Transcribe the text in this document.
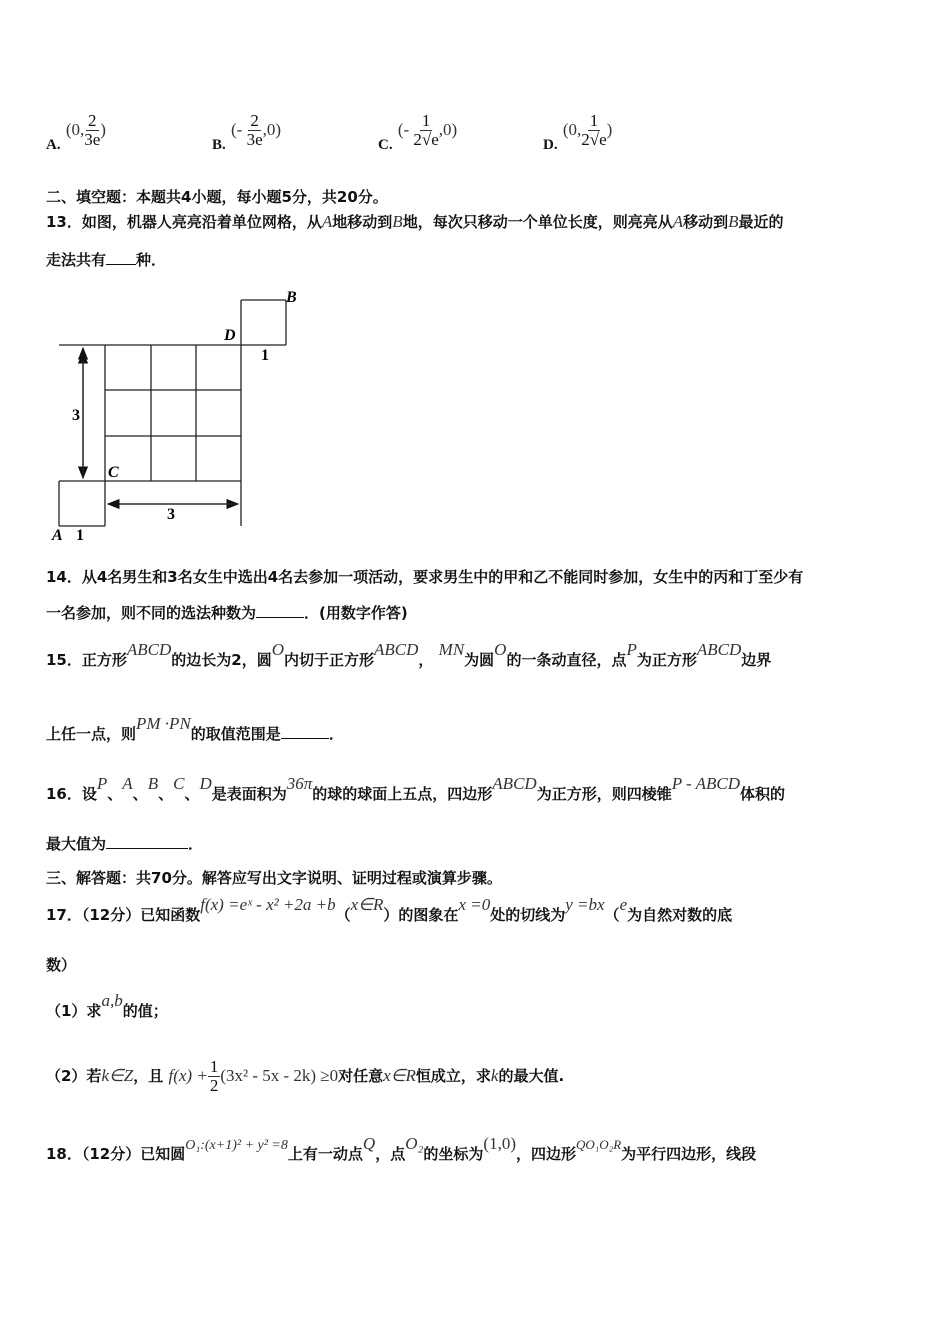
A. (0, $\frac{2}{3e}$ )
B. (- $\frac{2}{3e} ,0$)
C. (- $\frac{1}{2√e} ,0$)
D. (0, $\frac{1}{2√e}$ )
二、填空题：本题共4小题，每小题5分，共20分。
13．如图，机器人亮亮沿着单位网格，从A地移动到B地，每次只移动一个单位长度，则亮亮从A移动到B最近的
走法共有 种．
A 1
C
D
B
1
3
3
14．从4名男生和3名女生中选出4名去参加一项活动，要求男生中的甲和乙不能同时参加，女生中的丙和丁至少有
一名参加，则不同的选法种数为	．(用数字作答)
15．正方形ABCD的边长为2，圆O内切于正方形ABCD， MN为圆O的一条动直径，点P为正方形ABCD边界
上任一点，则PM ·PN的取值范围是	．
16．设P、A、B、C、D是表面积为36π的球的球面上五点，四边形ABCD为正方形，则四棱锥P - ABCD体积的
最大值为	．
三、解答题：共70分。解答应写出文字说明、证明过程或演算步骤。
17．（12分）已知函数f(x) =eˣ - x² +2a +b（x∈R）的图象在x =0处的切线为y =bx（e为自然对数的底
数）
（1）求a,b的值；
（2）若k∈Z，且 $f(x) + \frac{1}{2} (3x^2 - 5x - 2k) \ge 0$对任意x∈R恒成立，求k的最大值.
18．（12分）已知圆O₁:(x+1)² + y² =8上有一动点Q，点O₂的坐标为(1,0)，四边形QO₁O₂R为平行四边形，线段
